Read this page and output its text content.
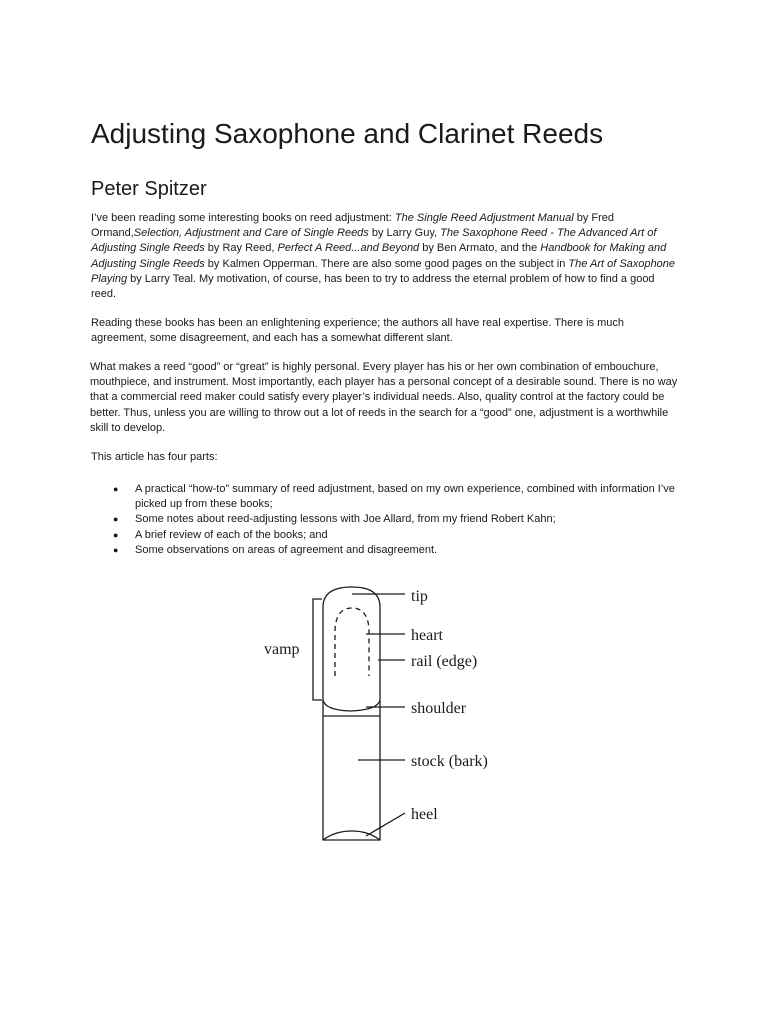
Adjusting Saxophone and Clarinet Reeds
Peter Spitzer

I’ve been reading some interesting books on reed adjustment: The Single Reed Adjustment Manual by Fred Ormand,Selection, Adjustment and Care of Single Reeds by Larry Guy, The Saxophone Reed - The Advanced Art of Adjusting Single Reeds by Ray Reed, Perfect A Reed...and Beyond by Ben Armato, and the Handbook for Making and Adjusting Single Reeds by Kalmen Opperman. There are also some good pages on the subject in The Art of Saxophone Playing by Larry Teal. My motivation, of course, has been to try to address the eternal problem of how to find a good reed.

Reading these books has been an enlightening experience; the authors all have real expertise. There is much agreement, some disagreement, and each has a somewhat different slant.

What makes a reed “good” or “great” is highly personal. Every player has his or her own combination of embouchure, mouthpiece, and instrument. Most importantly, each player has a personal concept of a desirable sound. There is no way that a commercial reed maker could satisfy every player’s individual needs. Also, quality control at the factory could be better. Thus, unless you are willing to throw out a lot of reeds in the search for a “good” one, adjustment is a worthwhile skill to develop.

This article has four parts:

● A practical “how-to” summary of reed adjustment, based on my own experience, combined with information I’ve picked up from these books;
● Some notes about reed-adjusting lessons with Joe Allard, from my friend Robert Kahn;
● A brief review of each of the books; and
● Some observations on areas of agreement and disagreement.
tip
heart
rail (edge)
vamp
shoulder
stock (bark)
heel
